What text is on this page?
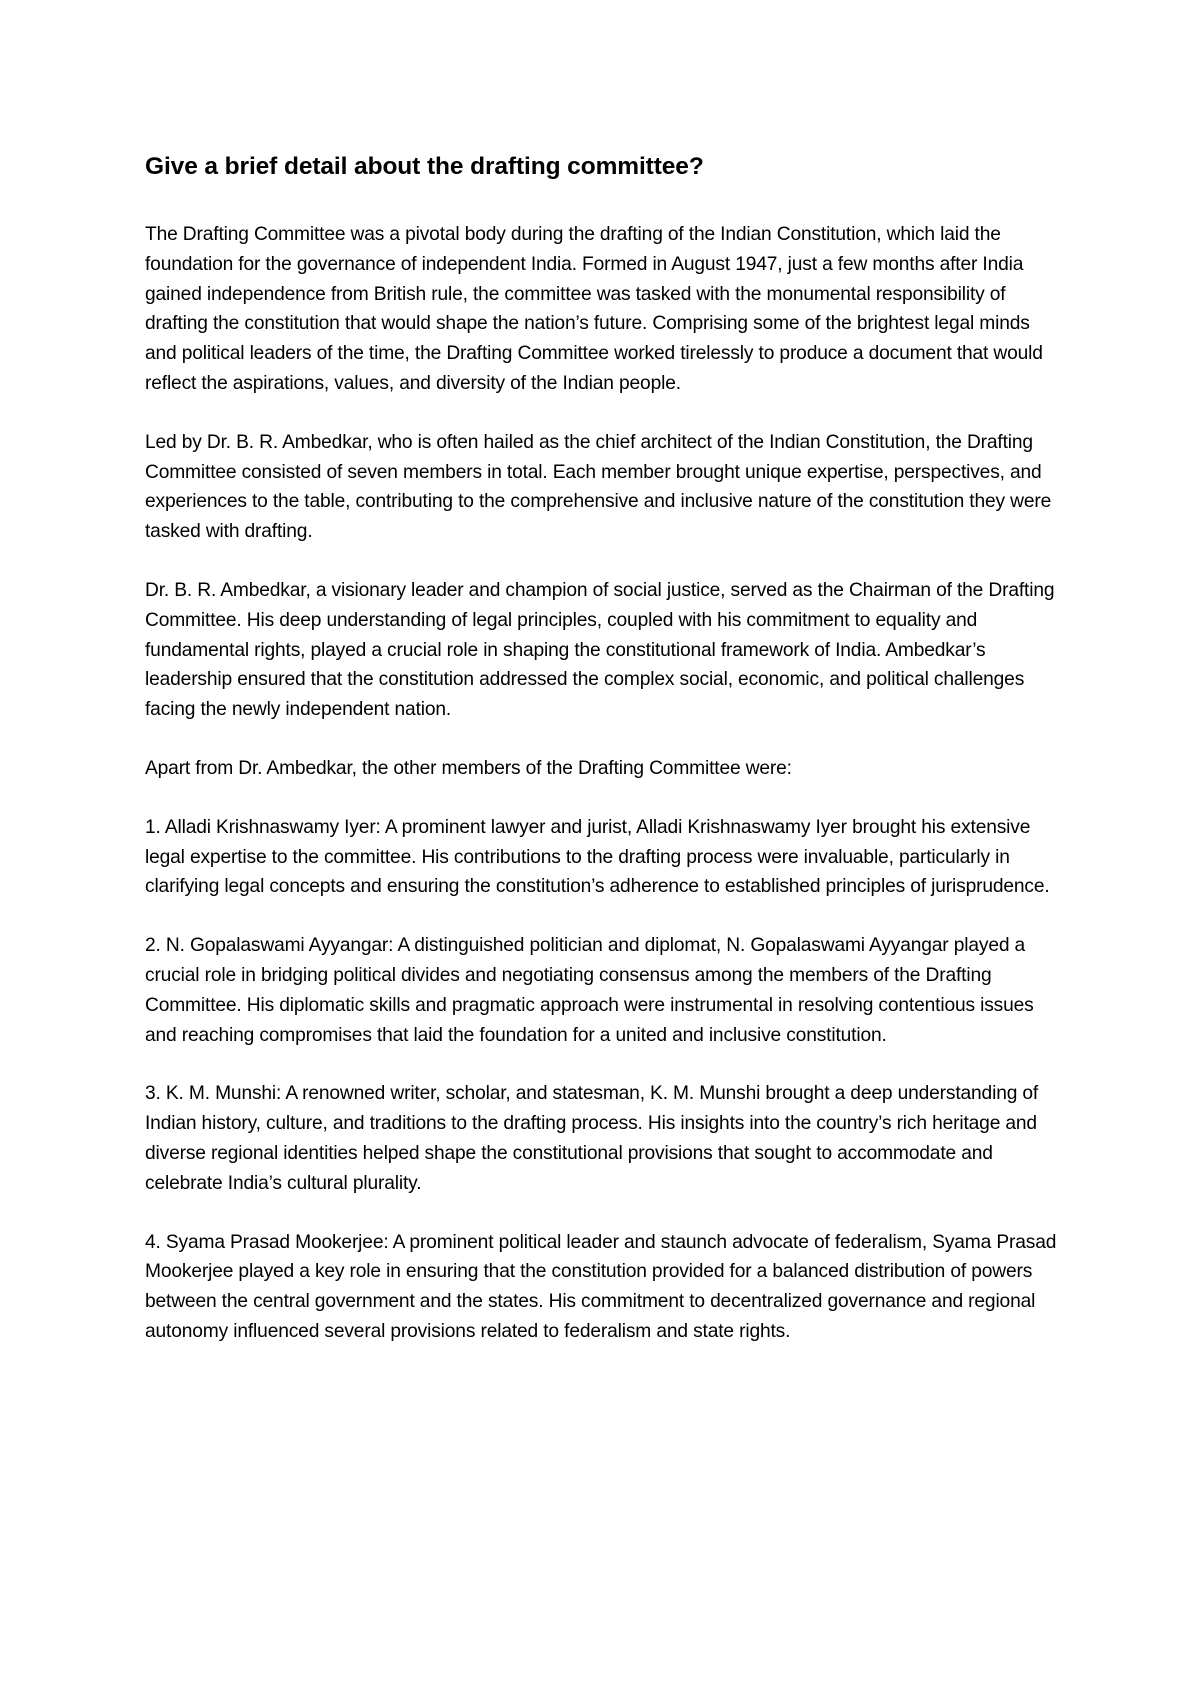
Give a brief detail about the drafting committee?

The Drafting Committee was a pivotal body during the drafting of the Indian Constitution, which laid the foundation for the governance of independent India. Formed in August 1947, just a few months after India gained independence from British rule, the committee was tasked with the monumental responsibility of drafting the constitution that would shape the nation’s future. Comprising some of the brightest legal minds and political leaders of the time, the Drafting Committee worked tirelessly to produce a document that would reflect the aspirations, values, and diversity of the Indian people.

Led by Dr. B. R. Ambedkar, who is often hailed as the chief architect of the Indian Constitution, the Drafting Committee consisted of seven members in total. Each member brought unique expertise, perspectives, and experiences to the table, contributing to the comprehensive and inclusive nature of the constitution they were tasked with drafting.

Dr. B. R. Ambedkar, a visionary leader and champion of social justice, served as the Chairman of the Drafting Committee. His deep understanding of legal principles, coupled with his commitment to equality and fundamental rights, played a crucial role in shaping the constitutional framework of India. Ambedkar’s leadership ensured that the constitution addressed the complex social, economic, and political challenges facing the newly independent nation.

Apart from Dr. Ambedkar, the other members of the Drafting Committee were:

1. Alladi Krishnaswamy Iyer: A prominent lawyer and jurist, Alladi Krishnaswamy Iyer brought his extensive legal expertise to the committee. His contributions to the drafting process were invaluable, particularly in clarifying legal concepts and ensuring the constitution’s adherence to established principles of jurisprudence.

2. N. Gopalaswami Ayyangar: A distinguished politician and diplomat, N. Gopalaswami Ayyangar played a crucial role in bridging political divides and negotiating consensus among the members of the Drafting Committee. His diplomatic skills and pragmatic approach were instrumental in resolving contentious issues and reaching compromises that laid the foundation for a united and inclusive constitution.

3. K. M. Munshi: A renowned writer, scholar, and statesman, K. M. Munshi brought a deep understanding of Indian history, culture, and traditions to the drafting process. His insights into the country’s rich heritage and diverse regional identities helped shape the constitutional provisions that sought to accommodate and celebrate India’s cultural plurality.

4. Syama Prasad Mookerjee: A prominent political leader and staunch advocate of federalism, Syama Prasad Mookerjee played a key role in ensuring that the constitution provided for a balanced distribution of powers between the central government and the states. His commitment to decentralized governance and regional autonomy influenced several provisions related to federalism and state rights.
